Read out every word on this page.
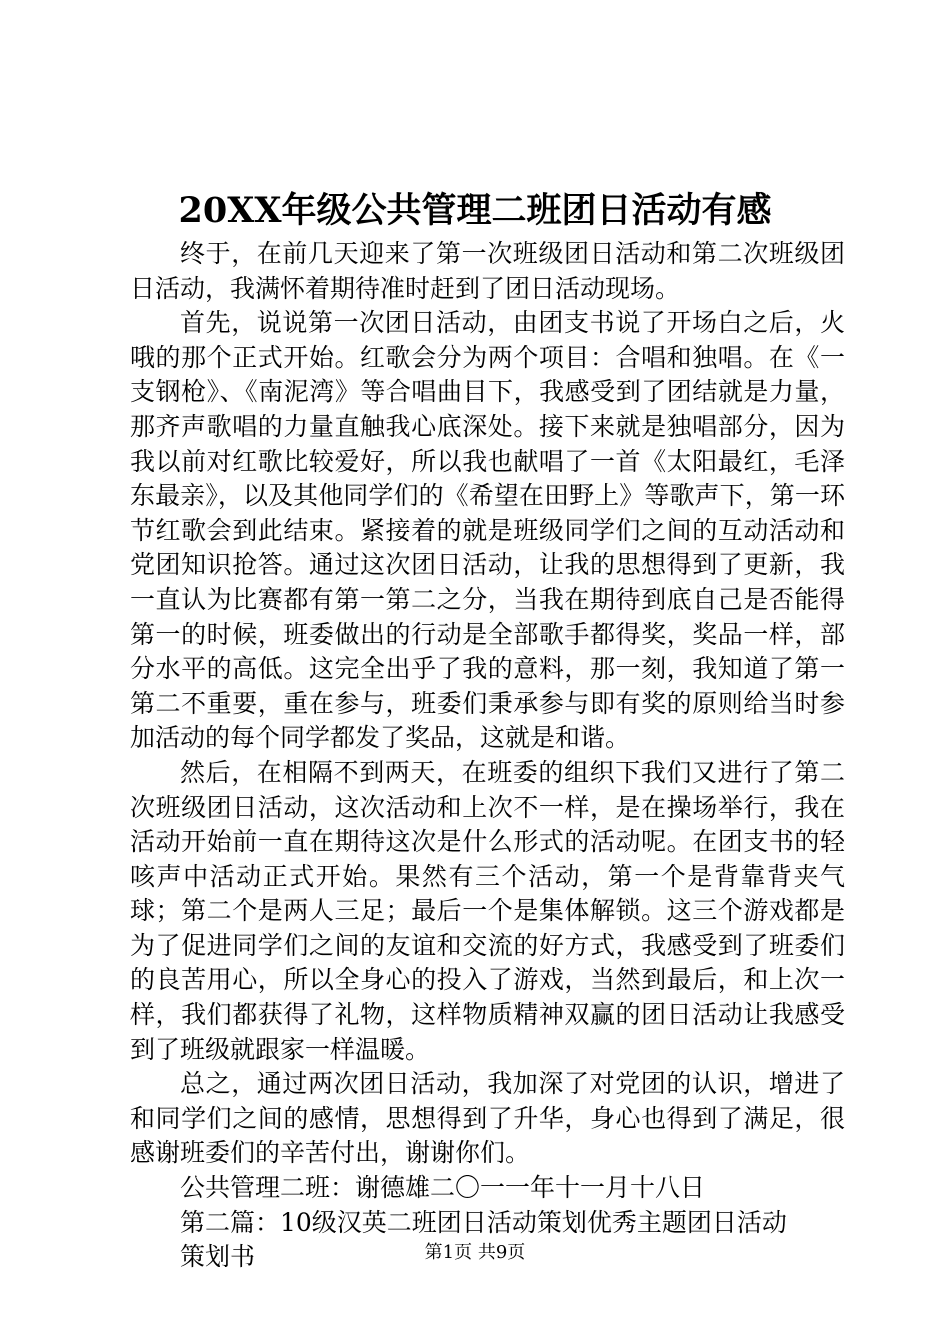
20XX年级公共管理二班团日活动有感

终于，在前几天迎来了第一次班级团日活动和第二次班级团日活动，我满怀着期待准时赶到了团日活动现场。

首先，说说第一次团日活动，由团支书说了开场白之后，火哦的那个正式开始。红歌会分为两个项目：合唱和独唱。在《一支钢枪》、《南泥湾》等合唱曲目下，我感受到了团结就是力量，那齐声歌唱的力量直触我心底深处。接下来就是独唱部分，因为我以前对红歌比较爱好，所以我也献唱了一首《太阳最红，毛泽东最亲》，以及其他同学们的《希望在田野上》等歌声下，第一环节红歌会到此结束。紧接着的就是班级同学们之间的互动活动和党团知识抢答。通过这次团日活动，让我的思想得到了更新，我一直认为比赛都有第一第二之分，当我在期待到底自己是否能得第一的时候，班委做出的行动是全部歌手都得奖，奖品一样，部分水平的高低。这完全出乎了我的意料，那一刻，我知道了第一第二不重要，重在参与，班委们秉承参与即有奖的原则给当时参加活动的每个同学都发了奖品，这就是和谐。

然后，在相隔不到两天，在班委的组织下我们又进行了第二次班级团日活动，这次活动和上次不一样，是在操场举行，我在活动开始前一直在期待这次是什么形式的活动呢。在团支书的轻咳声中活动正式开始。果然有三个活动，第一个是背靠背夹气球；第二个是两人三足；最后一个是集体解锁。这三个游戏都是为了促进同学们之间的友谊和交流的好方式，我感受到了班委们的良苦用心，所以全身心的投入了游戏，当然到最后，和上次一样，我们都获得了礼物，这样物质精神双赢的团日活动让我感受到了班级就跟家一样温暖。

总之，通过两次团日活动，我加深了对党团的认识，增进了和同学们之间的感情，思想得到了升华，身心也得到了满足，很感谢班委们的辛苦付出，谢谢你们。

公共管理二班：谢德雄二〇一一年十一月十八日

第二篇：10级汉英二班团日活动策划优秀主题团日活动

策划书	第1页 共9页
